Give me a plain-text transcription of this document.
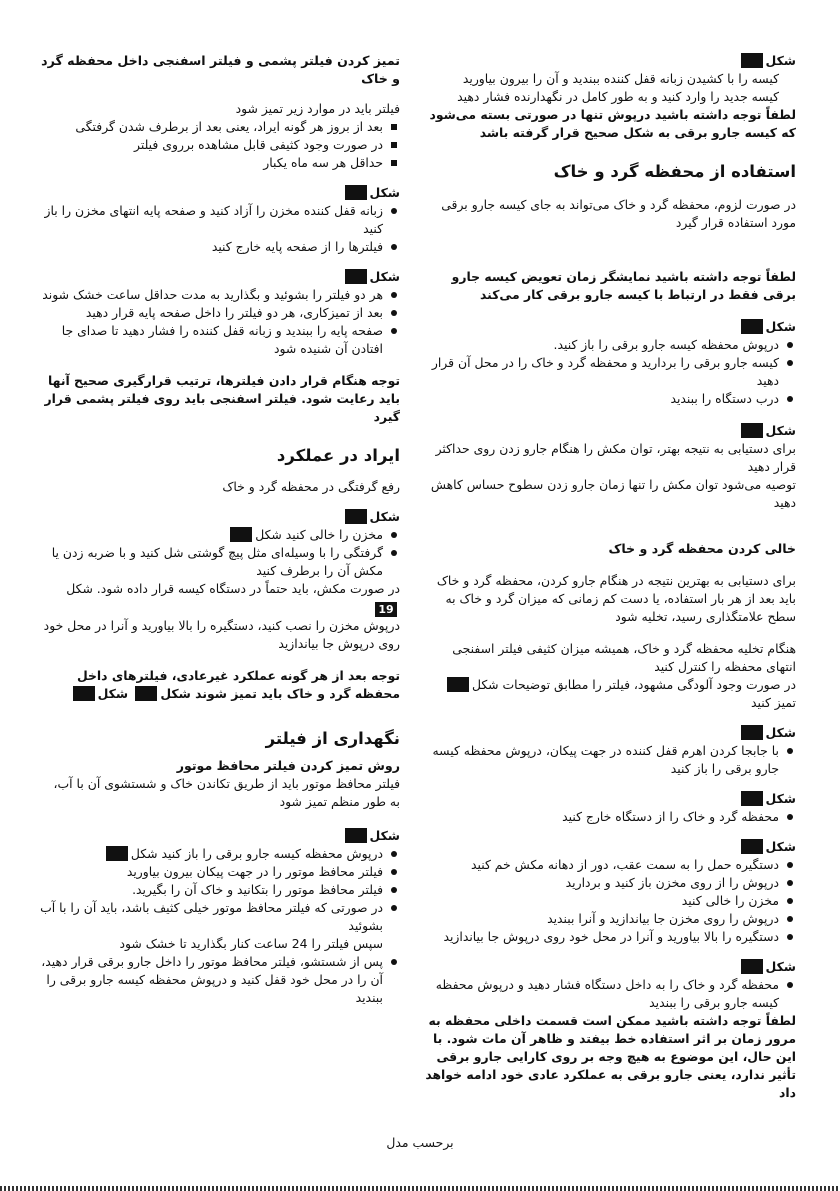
شکل

کیسه را با کشیدن زبانه قفل کننده ببندید و آن را بیرون بیاورید

کیسه جدید را وارد کنید و به طور کامل در نگهدارنده فشار دهید

لطفاً توجه داشته باشید درپوش تنها در صورتی بسته می‌شود که کیسه جارو برقی به شکل صحیح قرار گرفته باشد

استفاده از محفظه گرد و خاک

در صورت لزوم، محفظه گرد و خاک می‌تواند به جای کیسه جارو برقی مورد استفاده قرار گیرد

لطفاً توجه داشته باشید نمایشگر زمان تعویض کیسه جارو برقی فقط در ارتباط با کیسه جارو برقی کار می‌کند

شکل

درپوش محفظه کیسه جارو برقی را باز کنید.
کیسه جارو برقی را بردارید و محفظه گرد و خاک را در محل آن قرار دهید
درب دستگاه را ببندید

شکل

برای دستیابی به نتیجه بهتر، توان مکش را هنگام جارو زدن روی حداکثر قرار دهید

توصیه می‌شود توان مکش را تنها زمان جارو زدن سطوح حساس کاهش دهید

خالی کردن محفظه گرد و خاک

برای دستیابی به بهترین نتیجه در هنگام جارو کردن، محفظه گرد و خاک باید بعد از هر بار استفاده، یا دست کم زمانی که میزان گرد و خاک به سطح علامتگذاری رسید، تخلیه شود

هنگام تخلیه محفظه گرد و خاک، همیشه میزان کثیفی فیلتر اسفنجی انتهای محفظه را کنترل کنید

در صورت وجود آلودگی مشهود، فیلتر را مطابق توضیحات شکل تمیز کنید

شکل

با جابجا کردن اهرم قفل کننده در جهت پیکان، درپوش محفظه کیسه جارو برقی را باز کنید

شکل

محفظه گرد و خاک را از دستگاه خارج کنید

شکل

دستگیره حمل را به سمت عقب، دور از دهانه مکش خم کنید
درپوش را از روی مخزن باز کنید و بردارید
مخزن را خالی کنید
درپوش را روی مخزن جا بیاندازید و آنرا ببندید
دستگیره را بالا بیاورید و آنرا در محل خود روی درپوش جا بیاندازید

شکل

محفظه گرد و خاک را به داخل دستگاه فشار دهید و درپوش محفظه کیسه جارو برقی را ببندید

لطفاً توجه داشته باشید ممکن است قسمت داخلی محفظه به مرور زمان بر اثر استفاده خط بیفتد و ظاهر آن مات شود. با این حال، این موضوع به هیچ وجه بر روی کارایی جارو برقی تأثیر ندارد، یعنی جارو برقی به عملکرد عادی خود ادامه خواهد داد

تمیز کردن فیلتر پشمی و فیلتر اسفنجی داخل محفظه گرد و خاک

فیلتر باید در موارد زیر تمیز شود

بعد از بروز هر گونه ایراد، یعنی بعد از برطرف شدن گرفتگی
در صورت وجود کثیفی قابل مشاهده برروی فیلتر
حداقل هر سه ماه یکبار

شکل

زبانه قفل کننده مخزن را آزاد کنید و صفحه پایه انتهای مخزن را باز کنید
فیلترها را از صفحه پایه خارج کنید

شکل

هر دو فیلتر را بشوئید و بگذارید به مدت حداقل ساعت خشک شوند
بعد از تمیزکاری، هر دو فیلتر را داخل صفحه پایه قرار دهید
صفحه پایه را ببندید و زبانه قفل کننده را فشار دهید تا صدای جا افتادن آن شنیده شود

توجه هنگام قرار دادن فیلترها، ترتیب قرارگیری صحیح آنها باید رعایت شود. فیلتر اسفنجی باید روی فیلتر پشمی قرار گیرد

ایراد در عملکرد

رفع گرفتگی در محفظه گرد و خاک

شکل

مخزن را خالی کنید شکل
گرفتگی را با وسیله‌ای مثل پیچ گوشتی شل کنید و با ضربه زدن یا مکش آن را برطرف کنید

در صورت مکش، باید حتماً در دستگاه کیسه قرار داده شود. شکل19

درپوش مخزن را نصب کنید، دستگیره را بالا بیاورید و آنرا در محل خود روی درپوش جا بیاندازید

توجه بعد از هر گونه عملکرد غیرعادی، فیلترهای داخل محفظه گرد و خاک باید تمیز شوند شکل شکل

نگهداری از فیلتر

روش تمیز کردن فیلتر محافظ موتور

فیلتر محافظ موتور باید از طریق تکاندن خاک و شستشوی آن با آب، به طور منظم تمیز شود

شکل

درپوش محفظه کیسه جارو برقی را باز کنید شکل
فیلتر محافظ موتور را در جهت پیکان بیرون بیاورید
فیلتر محافظ موتور را بتکانید و خاک آن را بگیرید.
در صورتی که فیلتر محافظ موتور خیلی کثیف باشد، باید آن را با آب بشوئید

سپس فیلتر را 24 ساعت کنار بگذارید تا خشک شود

پس از شستشو، فیلتر محافظ موتور را داخل جارو برقی قرار دهید، آن را در محل خود قفل کنید و درپوش محفظه کیسه جارو برقی را ببندید
برحسب مدل
